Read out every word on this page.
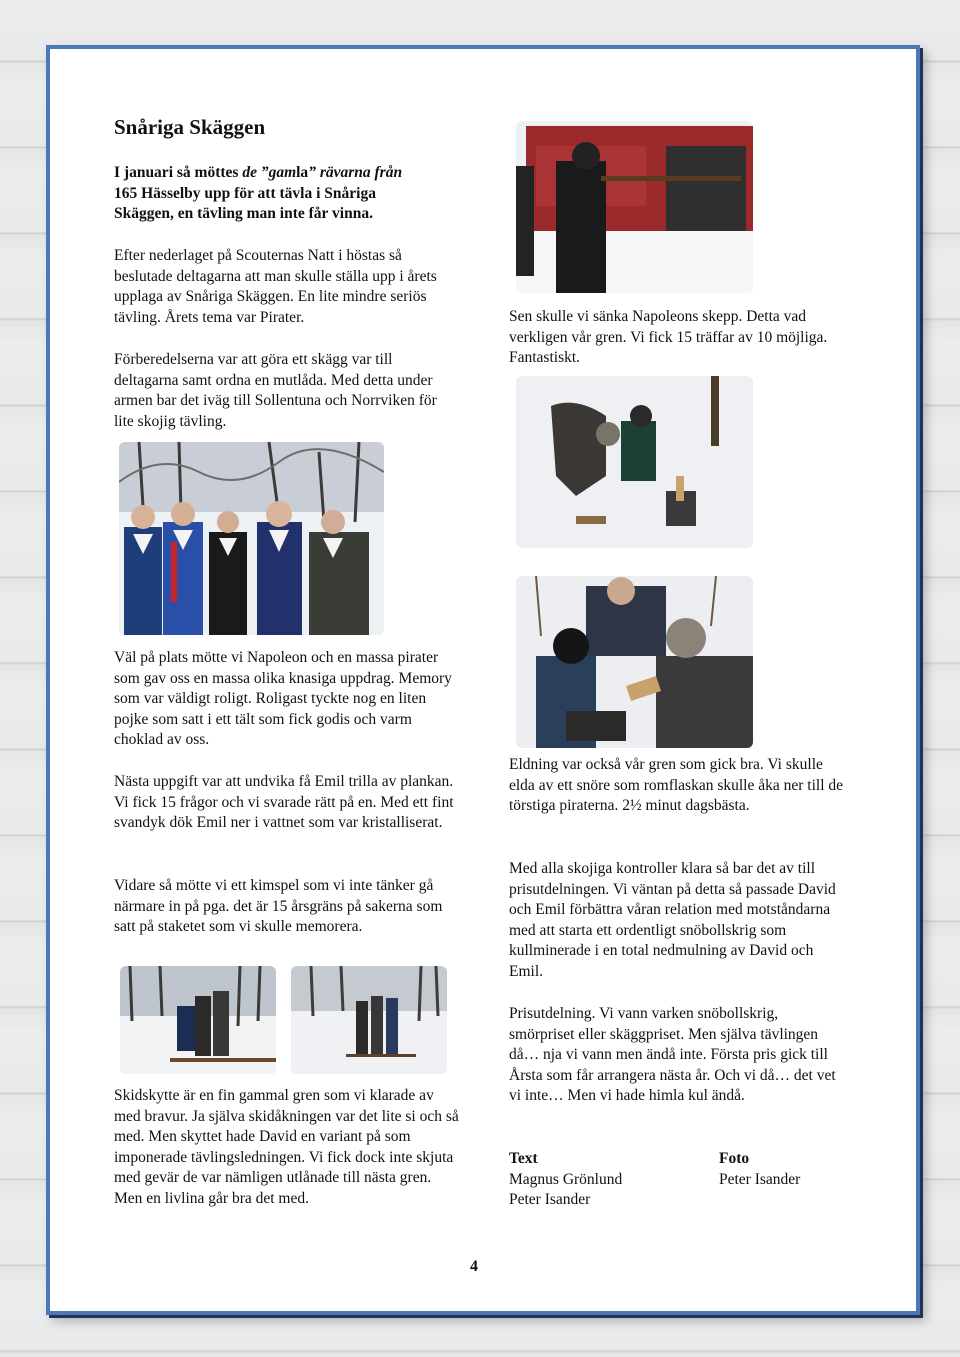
Snåriga Skäggen
I januari så möttes de ”gamla” rävarna från
165 Hässelby upp för att tävla i Snåriga
Skäggen, en tävling man inte får vinna.

Efter nederlaget på Scouternas Natt i höstas så beslutade deltagarna att man skulle ställa upp i årets upplaga av Snåriga Skäggen. En lite mindre seriös tävling. Årets tema var Pirater.

Förberedelserna var att göra ett skägg var till deltagarna samt ordna en mutlåda. Med detta under armen bar det iväg till Sollentuna och Norrviken för lite skojig tävling.

Väl på plats mötte vi Napoleon och en massa pirater som gav oss en massa olika knasiga uppdrag. Memory som var väldigt roligt. Roligast tyckte nog en liten pojke som satt i ett tält som fick godis och varm choklad av oss.

Nästa uppgift var att undvika få Emil trilla av plankan. Vi fick 15 frågor och vi svarade rätt på en. Med ett fint svandyk dök Emil ner i vattnet som var kristalliserat.

Vidare så mötte vi ett kimspel som vi inte tänker gå närmare in på pga. det är 15 årsgräns på sakerna som satt på staketet som vi skulle memorera.

Skidskytte är en fin gammal gren som vi klarade av med bravur. Ja själva skidåkningen var det lite si och så med. Men skyttet hade David en variant på som imponerade tävlingsledningen. Vi fick dock inte skjuta med gevär de var nämligen utlånade till nästa gren. Men en livlina går bra det med.

Sen skulle vi sänka Napoleons skepp. Detta vad verkligen vår gren. Vi fick 15 träffar av 10 möjliga. Fantastiskt.

Eldning var också vår gren som gick bra. Vi skulle elda av ett snöre som romflaskan skulle åka ner till de törstiga piraterna. 2½ minut dagsbästa.

Med alla skojiga kontroller klara så bar det av till prisutdelningen. Vi väntan på detta så passade David och Emil förbättra våran relation med motståndarna med att starta ett ordentligt snöbollskrig som kullminerade i en total nedmulning av David och Emil.

Prisutdelning. Vi vann varken snöbollskrig, smörpriset eller skäggpriset. Men själva tävlingen då… nja vi vann men ändå inte. Första pris gick till Årsta som får arrangera nästa år. Och vi då… det vet vi inte… Men vi hade himla kul ändå.

Text
Magnus Grönlund
Peter Isander
Foto
Peter Isander
4
